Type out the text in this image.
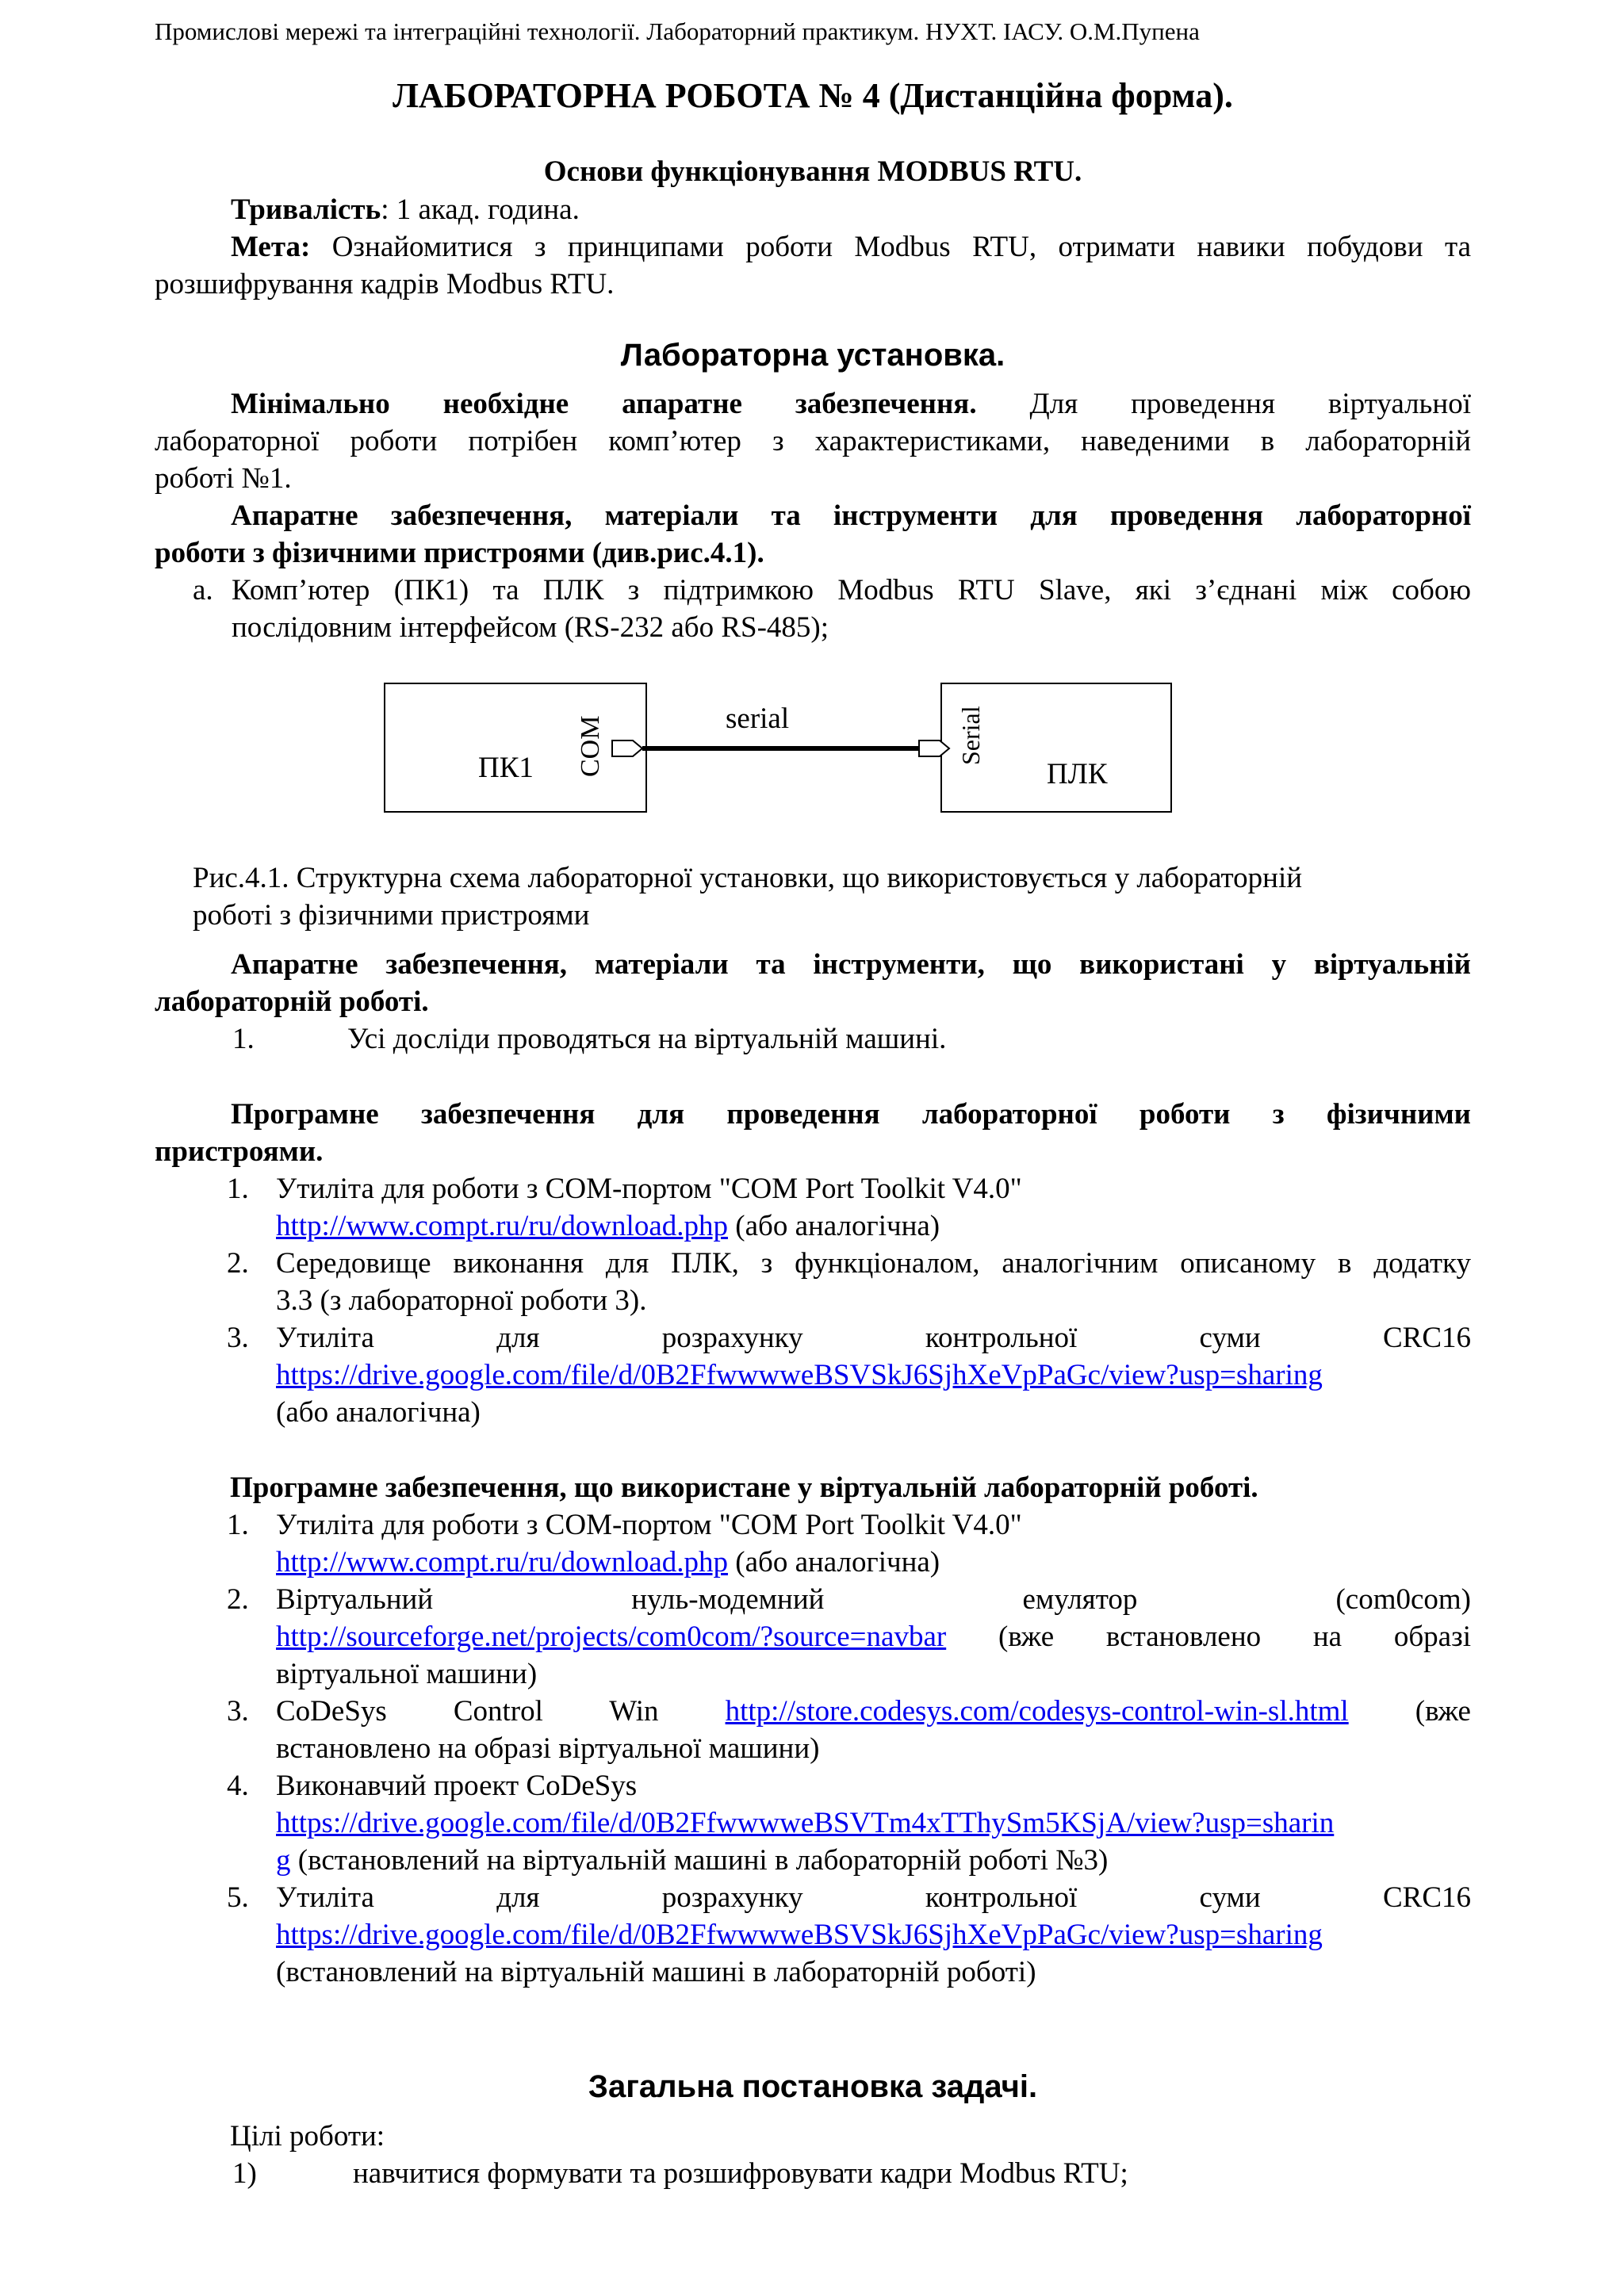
Промислові мережі та інтеграційні технології. Лабораторний практикум. НУХТ. ІАСУ. О.М.Пупена
ЛАБОРАТОРНА РОБОТА № 4 (Дистанційна форма).
Основи функціонування MODBUS RTU.
Тривалість: 1 акад. година.
Мета: Ознайомитися з принципами роботи Modbus RTU, отримати навики побудови та
розшифрування кадрів Modbus RTU.
Лабораторна установка.
Мінімально необхідне апаратне забезпечення. Для проведення віртуальної
лабораторної роботи потрібен комп’ютер з характеристиками, наведеними в лабораторній
роботі №1.
Апаратне забезпечення, матеріали та інструменти для проведення лабораторної
роботи з фізичними пристроями (див.рис.4.1).
a. Комп’ютер (ПК1) та ПЛК з підтримкою Modbus RTU Slave, які з’єднані між собою
послідовним інтерфейсом (RS-232 або RS-485);
ПК1 COM	serial	Serial
ПЛК
Рис.4.1. Структурна схема лабораторної установки, що використовується у лабораторній
роботі з фізичними пристроями
Апаратне забезпечення, матеріали та інструменти, що використані у віртуальній
лабораторній роботі.
1.	Усі досліди проводяться на віртуальній машині.
Програмне забезпечення для проведення лабораторної роботи з фізичними
пристроями.
1. Утиліта для роботи з COM-портом "COM Port Toolkit V4.0"
http://www.compt.ru/ru/download.php (або аналогічна)
2. Середовище виконання для ПЛК, з функціоналом, аналогічним описаному в додатку
3.3 (з лабораторної роботи 3).
3. Утиліта для розрахунку контрольної суми CRC16
https://drive.google.com/file/d/0B2FfwwwweBSVSkJ6SjhXeVpPaGc/view?usp=sharing
(або аналогічна)
Програмне забезпечення, що використане у віртуальній лабораторній роботі.
1. Утиліта для роботи з COM-портом "COM Port Toolkit V4.0"
http://www.compt.ru/ru/download.php (або аналогічна)
2. Віртуальний нуль-модемний емулятор (com0com)
http://sourceforge.net/projects/com0com/?source=navbar (вже встановлено на образі
віртуальної машини)
3. CoDeSys Control Win http://store.codesys.com/codesys-control-win-sl.html (вже
встановлено на образі віртуальної машини)
4. Виконавчий проект CoDeSys
https://drive.google.com/file/d/0B2FfwwwweBSVTm4xTThySm5KSjA/view?usp=sharin
g (встановлений на віртуальній машині в лабораторній роботі №3)
5. Утиліта для розрахунку контрольної суми CRC16
https://drive.google.com/file/d/0B2FfwwwweBSVSkJ6SjhXeVpPaGc/view?usp=sharing
(встановлений на віртуальній машині в лабораторній роботі)
Загальна постановка задачі.
Цілі роботи:
1)	навчитися формувати та розшифровувати кадри Modbus RTU;
